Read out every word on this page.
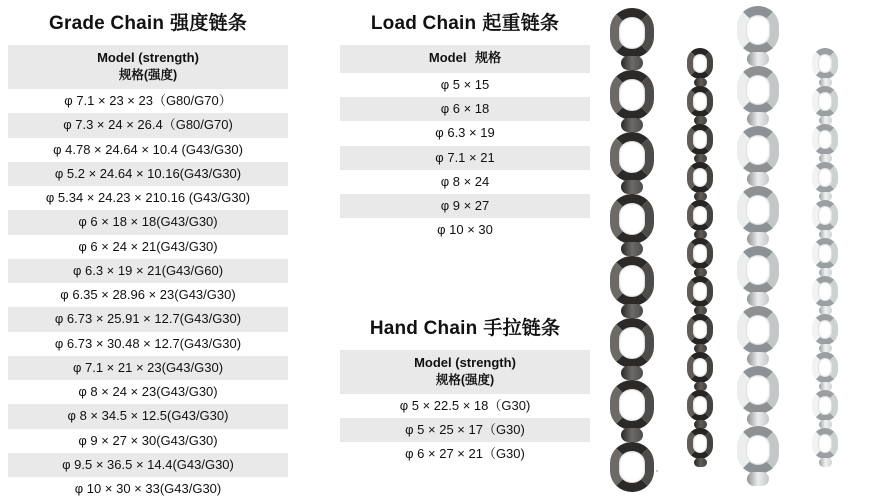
Grade Chain 强度链条
Model (strength)
规格(强度)

φ 7.1 × 23 × 23（G80/G70）
φ 7.3 × 24 × 26.4（G80/G70)
φ 4.78 × 24.64 × 10.4 (G43/G30)
φ 5.2 × 24.64 × 10.16(G43/G30)
φ 5.34 × 24.23 × 210.16 (G43/G30)
φ 6 × 18 × 18(G43/G30)
φ 6 × 24 × 21(G43/G30)
φ 6.3 × 19 × 21(G43/G60)
φ 6.35 × 28.96 × 23(G43/G30)
φ 6.73 × 25.91 × 12.7(G43/G30)
φ 6.73 × 30.48 × 12.7(G43/G30)
φ 7.1 × 21 × 23(G43/G30)
φ 8 × 24 × 23(G43/G30)
φ 8 × 34.5 × 12.5(G43/G30)
φ 9 × 27 × 30(G43/G30)
φ 9.5 × 36.5 × 14.4(G43/G30)
φ 10 × 30 × 33(G43/G30)
Load Chain 起重链条
Model 规格
φ 5 × 15
φ 6 × 18
φ 6.3 × 19
φ 7.1 × 21
φ 8 × 24
φ 9 × 27
φ 10 × 30
Hand Chain 手拉链条
Model (strength)
规格(强度)

φ 5 × 22.5 × 18（G30)
φ 5 × 25 × 17（G30)
φ 6 × 27 × 21（G30)
